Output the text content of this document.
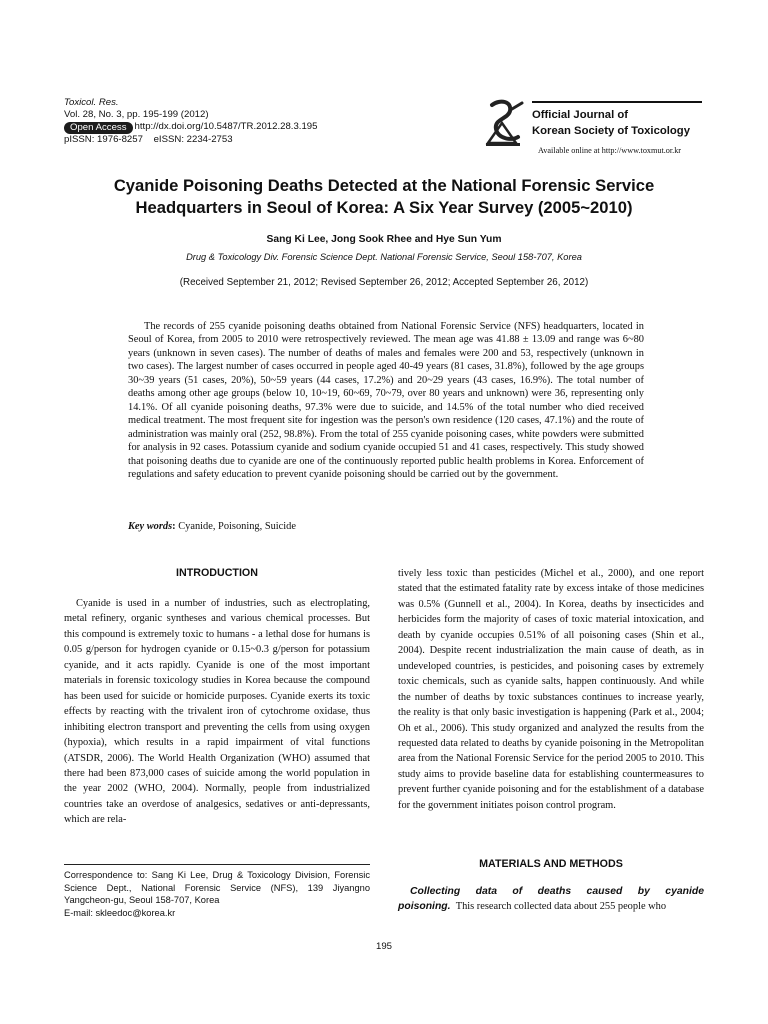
Toxicol. Res.
Vol. 28, No. 3, pp. 195-199 (2012)
Open Access http://dx.doi.org/10.5487/TR.2012.28.3.195
pISSN: 1976-8257    eISSN: 2234-2753
Official Journal of
Korean Society of Toxicology
Available online at http://www.toxmut.or.kr
Cyanide Poisoning Deaths Detected at the National Forensic Service
Headquarters in Seoul of Korea: A Six Year Survey (2005~2010)
Sang Ki Lee, Jong Sook Rhee and Hye Sun Yum
Drug & Toxicology Div. Forensic Science Dept. National Forensic Service, Seoul 158-707, Korea
(Received September 21, 2012; Revised September 26, 2012; Accepted September 26, 2012)

The records of 255 cyanide poisoning deaths obtained from National Forensic Service (NFS) headquarters, located in Seoul of Korea, from 2005 to 2010 were retrospectively reviewed. The mean age was 41.88 ± 13.09 and range was 6~80 years (unknown in seven cases). The number of deaths of males and females were 200 and 53, respectively (unknown in two cases). The largest number of cases occurred in people aged 40-49 years (81 cases, 31.8%), followed by the age groups 30~39 years (51 cases, 20%), 50~59 years (44 cases, 17.2%) and 20~29 years (43 cases, 16.9%). The total number of deaths among other age groups (below 10, 10~19, 60~69, 70~79, over 80 years and unknown) were 36, representing only 14.1%. Of all cyanide poisoning deaths, 97.3% were due to suicide, and 14.5% of the total number who died received medical treatment. The most frequent site for ingestion was the person's own residence (120 cases, 47.1%) and the route of administration was mainly oral (252, 98.8%). From the total of 255 cyanide poisoning cases, white powders were submitted for analysis in 92 cases. Potassium cyanide and sodium cyanide occupied 51 and 41 cases, respectively. This study showed that poisoning deaths due to cyanide are one of the continuously reported public health problems in Korea. Enforcement of regulations and safety education to prevent cyanide poisoning should be carried out by the government.

Key words: Cyanide, Poisoning, Suicide
INTRODUCTION

Cyanide is used in a number of industries, such as electroplating, metal refinery, organic syntheses and various chemical processes. But this compound is extremely toxic to humans - a lethal dose for humans is 0.05 g/person for hydrogen cyanide or 0.15~0.3 g/person for potassium cyanide, and it acts rapidly. Cyanide is one of the most important materials in forensic toxicology studies in Korea because the compound has been used for suicide or homicide purposes. Cyanide exerts its toxic effects by reacting with the trivalent iron of cytochrome oxidase, thus inhibiting electron transport and preventing the cells from using oxygen (hypoxia), which results in a rapid impairment of vital functions (ATSDR, 2006). The World Health Organization (WHO) assumed that there had been 873,000 cases of suicide among the world population in the year 2002 (WHO, 2004). Normally, people from industrialized countries take an overdose of analgesics, sedatives or anti-depressants, which are rela-

tively less toxic than pesticides (Michel et al., 2000), and one report stated that the estimated fatality rate by excess intake of those medicines was 0.5% (Gunnell et al., 2004). In Korea, deaths by insecticides and herbicides form the majority of cases of toxic material intoxication, and death by cyanide occupies 0.51% of all poisoning cases (Shin et al., 2004). Despite recent industrialization the main cause of death, as in undeveloped countries, is pesticides, and poisoning cases by extremely toxic chemicals, such as cyanide salts, happen continuously. And while the number of deaths by toxic substances continues to increase yearly, the reality is that only basic investigation is happening (Park et al., 2004; Oh et al., 2006). This study organized and analyzed the results from the requested data related to deaths by cyanide poisoning in the Metropolitan area from the National Forensic Service for the period 2005 to 2010. This study aims to provide baseline data for establishing countermeasures to prevent further cyanide poisoning and for the establishment of a database for the government initiates poison control program.

MATERIALS AND METHODS

Collecting data of deaths caused by cyanide poisoning. This research collected data about 255 people who

Correspondence to: Sang Ki Lee, Drug & Toxicology Division, Forensic Science Dept., National Forensic Service (NFS), 139 Jiyangno Yangcheon-gu, Seoul 158-707, Korea
E-mail: skleedoc@korea.kr
195
